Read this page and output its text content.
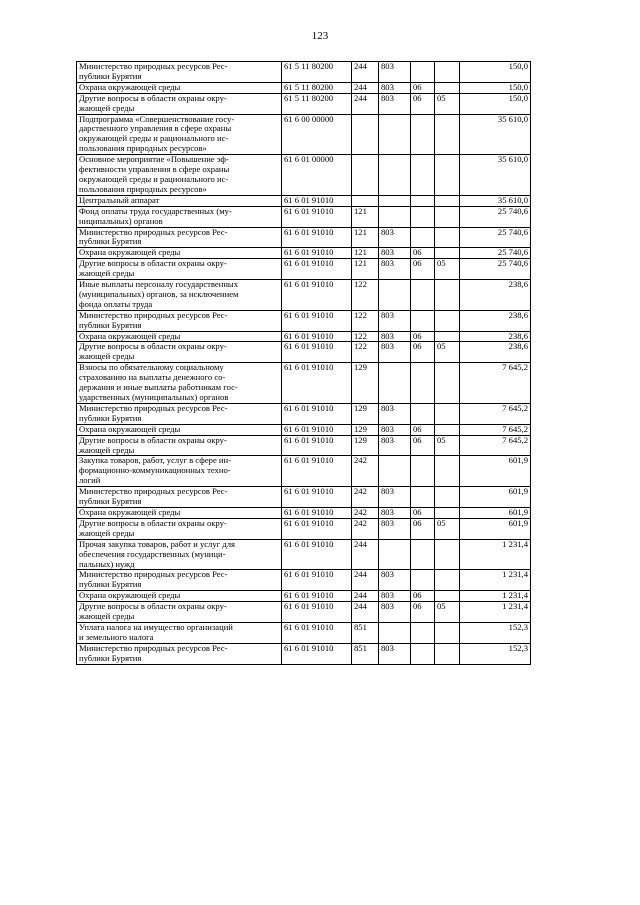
123
Министерство природных ресурсов Рес-
публики Бурятия	61 5 11 80200	244	803			150,0
Охрана окружающей среды	61 5 11 80200	244	803	06		150,0
Другие вопросы в области охраны окру-
жающей среды	61 5 11 80200	244	803	06	05	150,0
Подпрограмма «Совершенствование госу-
дарственного управления в сфере охраны
окружающей среды и рационального ис-
пользования природных ресурсов»	61 6 00 00000					35 610,0
Основное мероприятие «Повышение эф-
фективности управления в сфере охраны
окружающей среды и рационального ис-
пользования природных ресурсов»	61 6 01 00000					35 610,0
Центральный аппарат	61 6 01 91010					35 610,0
Фонд оплаты труда государственных (му-
ниципальных) органов	61 6 01 91010	121				25 740,6
Министерство природных ресурсов Рес-
публики Бурятия	61 6 01 91010	121	803			25 740,6
Охрана окружающей среды	61 6 01 91010	121	803	06		25 740,6
Другие вопросы в области охраны окру-
жающей среды	61 6 01 91010	121	803	06	05	25 740,6
Иные выплаты персоналу государственных
(муниципальных) органов, за исключением
фонда оплаты труда	61 6 01 91010	122				238,6
Министерство природных ресурсов Рес-
публики Бурятия	61 6 01 91010	122	803			238,6
Охрана окружающей среды	61 6 01 91010	122	803	06		238,6
Другие вопросы в области охраны окру-
жающей среды	61 6 01 91010	122	803	06	05	238,6
Взносы по обязательному социальному
страхованию на выплаты денежного со-
держания и иные выплаты работникам гос-
ударственных (муниципальных) органов	61 6 01 91010	129				7 645,2
Министерство природных ресурсов Рес-
публики Бурятия	61 6 01 91010	129	803			7 645,2
Охрана окружающей среды	61 6 01 91010	129	803	06		7 645,2
Другие вопросы в области охраны окру-
жающей среды	61 6 01 91010	129	803	06	05	7 645,2
Закупка товаров, работ, услуг в сфере ин-
формационно-коммуникационных техно-
логий	61 6 01 91010	242				601,9
Министерство природных ресурсов Рес-
публики Бурятия	61 6 01 91010	242	803			601,9
Охрана окружающей среды	61 6 01 91010	242	803	06		601,9
Другие вопросы в области охраны окру-
жающей среды	61 6 01 91010	242	803	06	05	601,9
Прочая закупка товаров, работ и услуг для
обеспечения государственных (муници-
пальных) нужд	61 6 01 91010	244				1 231,4
Министерство природных ресурсов Рес-
публики Бурятия	61 6 01 91010	244	803			1 231,4
Охрана окружающей среды	61 6 01 91010	244	803	06		1 231,4
Другие вопросы в области охраны окру-
жающей среды	61 6 01 91010	244	803	06	05	1 231,4
Уплата налога на имущество организаций
и земельного налога	61 6 01 91010	851				152,3
Министерство природных ресурсов Рес-
публики Бурятия	61 6 01 91010	851	803			152,3
